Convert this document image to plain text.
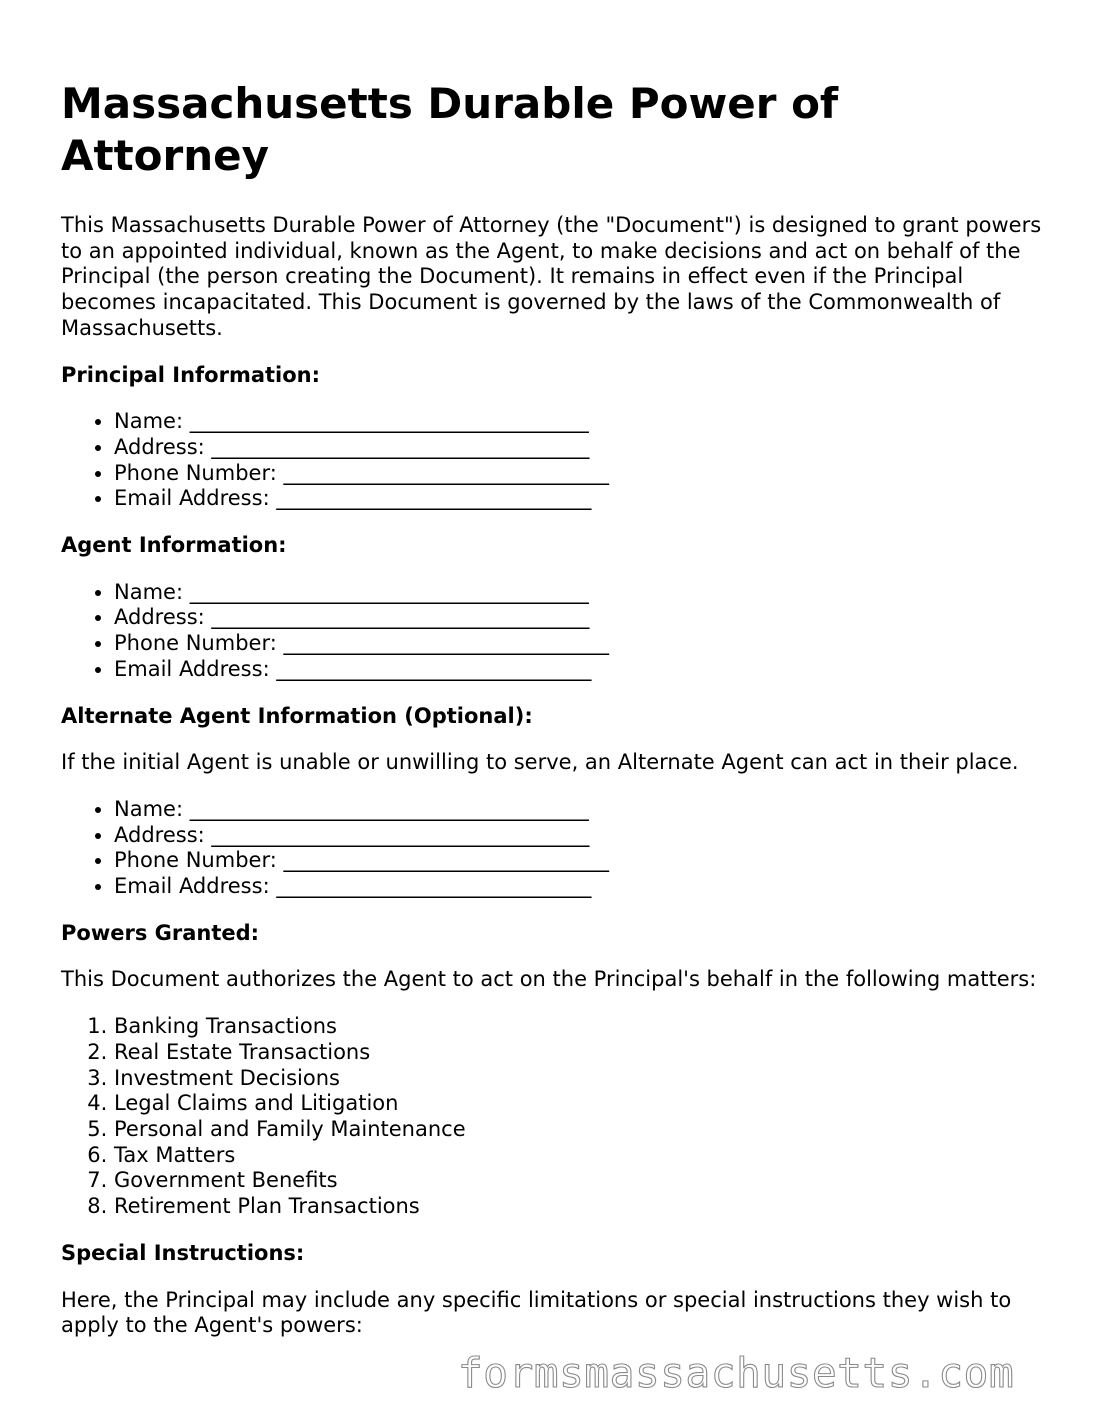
Massachusetts Durable Power of Attorney

This Massachusetts Durable Power of Attorney (the "Document") is designed to grant powers to an appointed individual, known as the Agent, to make decisions and act on behalf of the Principal (the person creating the Document). It remains in effect even if the Principal becomes incapacitated. This Document is governed by the laws of the Commonwealth of Massachusetts.

Principal Information:

• Name: ______________________________________
• Address: ____________________________________
• Phone Number: _______________________________
• Email Address: ______________________________

Agent Information:

• Name: ______________________________________
• Address: ____________________________________
• Phone Number: _______________________________
• Email Address: ______________________________

Alternate Agent Information (Optional):

If the initial Agent is unable or unwilling to serve, an Alternate Agent can act in their place.

• Name: ______________________________________
• Address: ____________________________________
• Phone Number: _______________________________
• Email Address: ______________________________

Powers Granted:

This Document authorizes the Agent to act on the Principal's behalf in the following matters:

1. Banking Transactions
2. Real Estate Transactions
3. Investment Decisions
4. Legal Claims and Litigation
5. Personal and Family Maintenance
6. Tax Matters
7. Government Benefits
8. Retirement Plan Transactions

Special Instructions:

Here, the Principal may include any specific limitations or special instructions they wish to apply to the Agent's powers:

formsmassachusetts.com
